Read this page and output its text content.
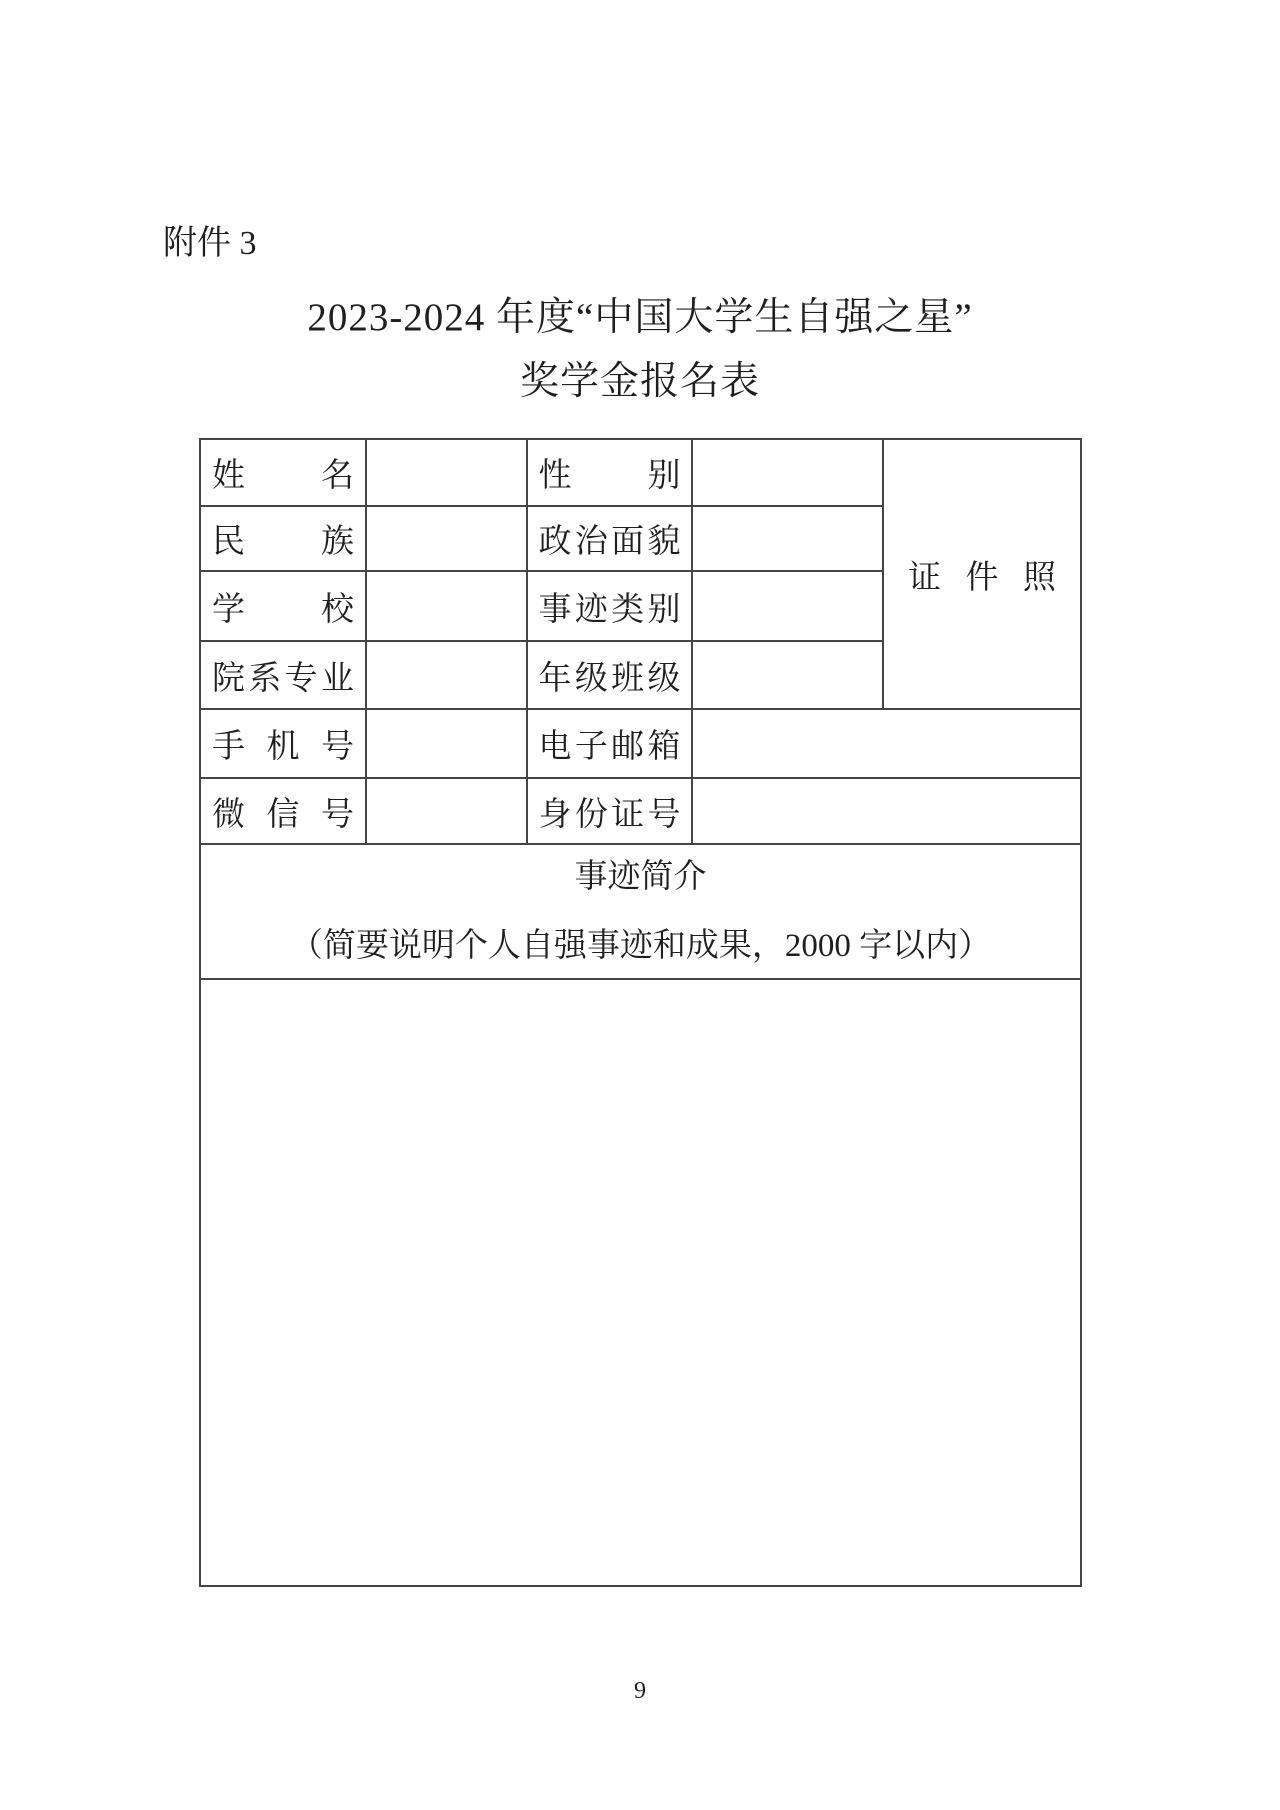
附件 3
2023-2024 年度“中国大学生自强之星”
奖学金报名表
姓　名		性　别		证件照
民　族		政治面貌		
学　校		事迹类别		
院系专业		年级班级		
手机号		电子邮箱		
微信号		身份证号		

事迹简介
（简要说明个人自强事迹和成果，2000 字以内）				

9
